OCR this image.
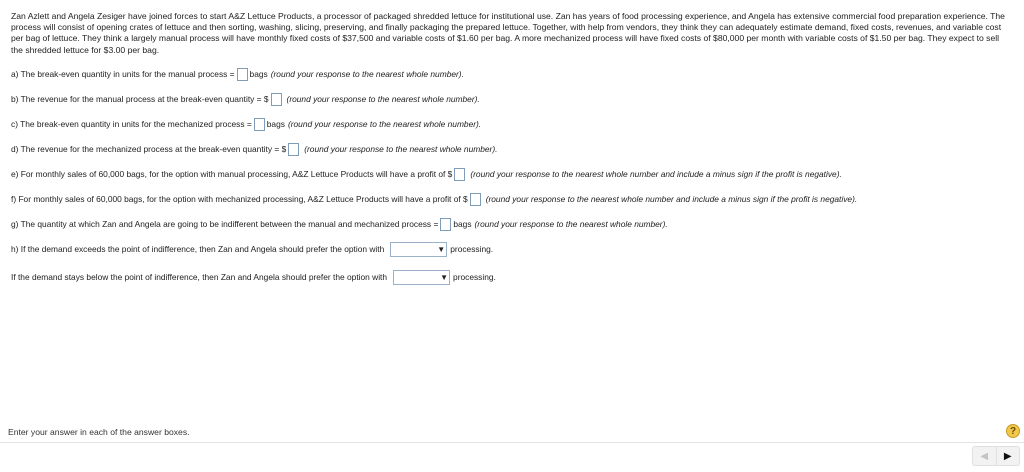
Zan Azlett and Angela Zesiger have joined forces to start A&Z Lettuce Products, a processor of packaged shredded lettuce for institutional use. Zan has years of food processing experience, and Angela has extensive commercial food preparation experience. The process will consist of opening crates of lettuce and then sorting, washing, slicing, preserving, and finally packaging the prepared lettuce. Together, with help from vendors, they think they can adequately estimate demand, fixed costs, revenues, and variable cost per bag of lettuce. They think a largely manual process will have monthly fixed costs of $37,500 and variable costs of $1.60 per bag. A more mechanized process will have fixed costs of $80,000 per month with variable costs of $1.50 per bag. They expect to sell the shredded lettuce for $3.00 per bag.
a) The break-even quantity in units for the manual process = bags (round your response to the nearest whole number).
b) The revenue for the manual process at the break-even quantity = $ (round your response to the nearest whole number).
c) The break-even quantity in units for the mechanized process = bags (round your response to the nearest whole number).
d) The revenue for the mechanized process at the break-even quantity = $ (round your response to the nearest whole number).
e) For monthly sales of 60,000 bags, for the option with manual processing, A&Z Lettuce Products will have a profit of $ (round your response to the nearest whole number and include a minus sign if the profit is negative).
f) For monthly sales of 60,000 bags, for the option with mechanized processing, A&Z Lettuce Products will have a profit of $ (round your response to the nearest whole number and include a minus sign if the profit is negative).
g) The quantity at which Zan and Angela are going to be indifferent between the manual and mechanized process = bags (round your response to the nearest whole number).
h) If the demand exceeds the point of indifference, then Zan and Angela should prefer the option with	▼ processing.
If the demand stays below the point of indifference, then Zan and Angela should prefer the option with	▼ processing.
Enter your answer in each of the answer boxes.	?
◀	▶
